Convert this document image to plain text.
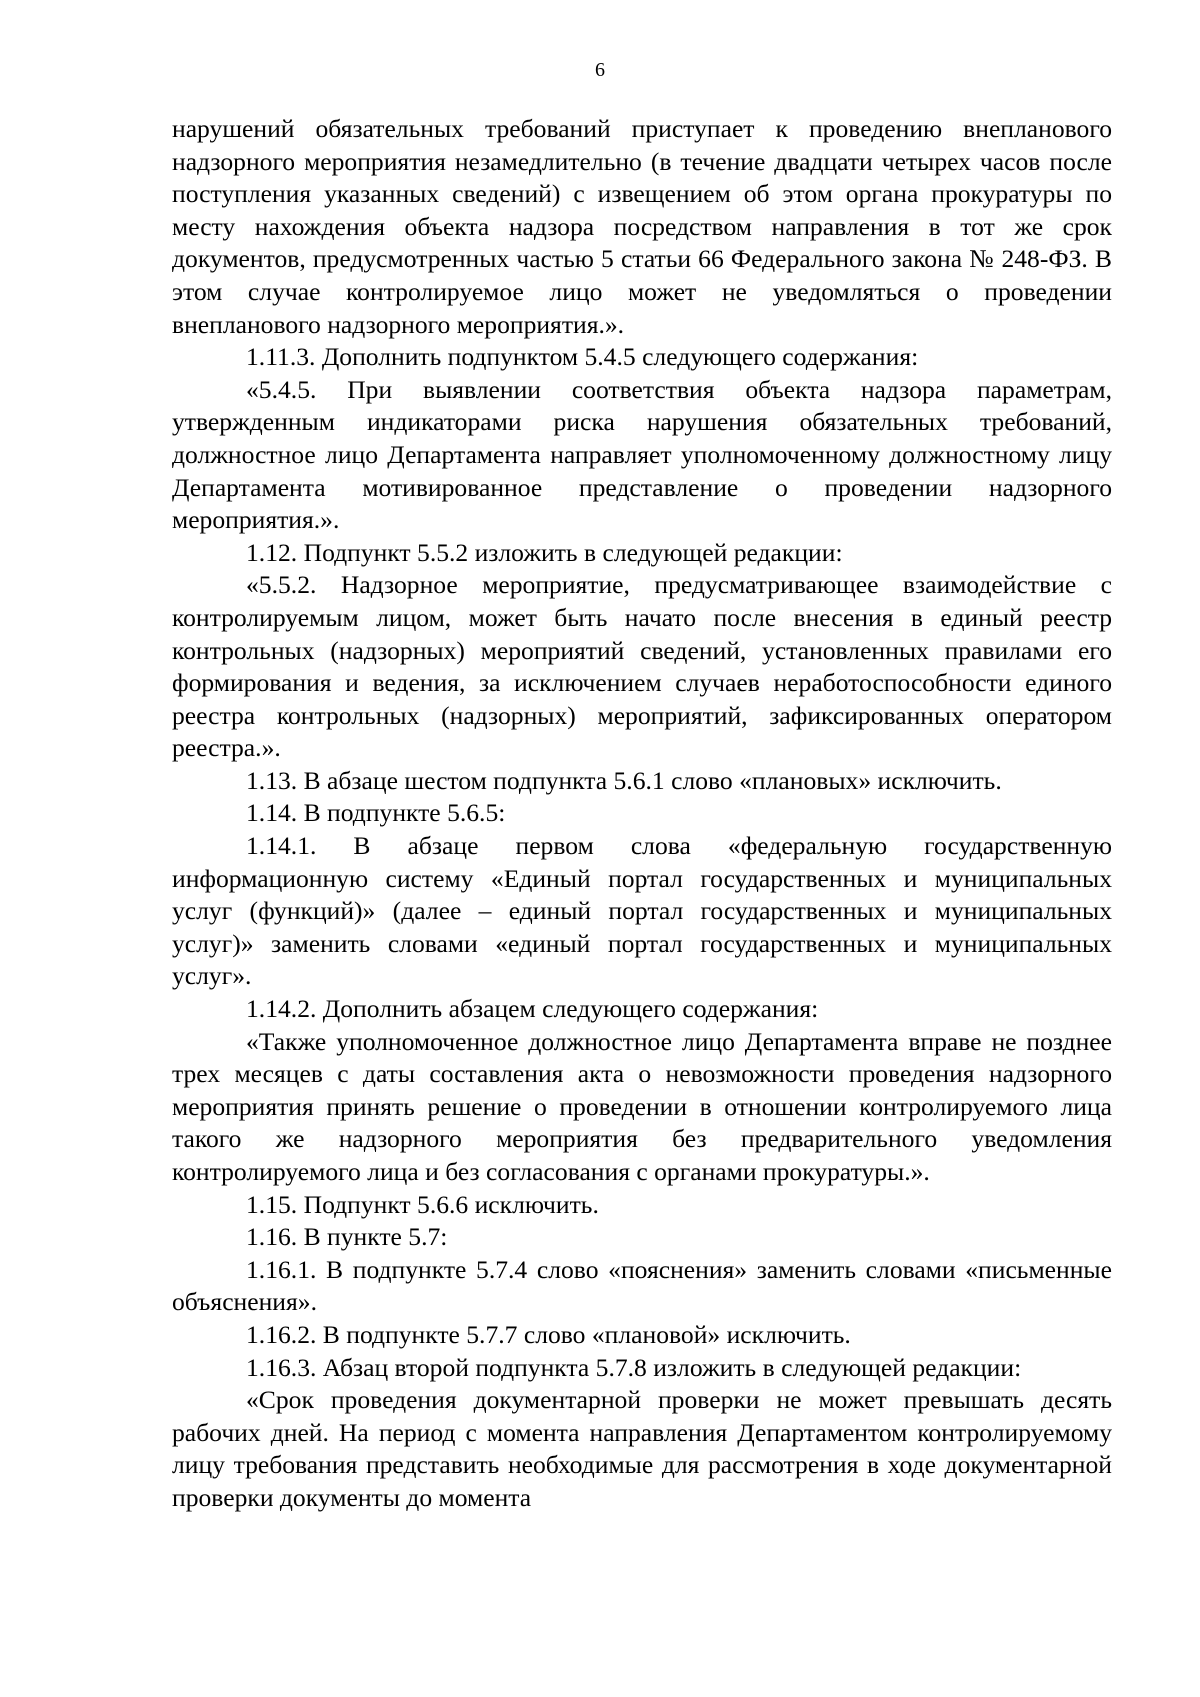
6

нарушений обязательных требований приступает к проведению внепланового надзорного мероприятия незамедлительно (в течение двадцати четырех часов после поступления указанных сведений) с извещением об этом органа прокуратуры по месту нахождения объекта надзора посредством направления в тот же срок документов, предусмотренных частью 5 статьи 66 Федерального закона № 248-ФЗ. В этом случае контролируемое лицо может не уведомляться о проведении внепланового надзорного мероприятия.».

1.11.3. Дополнить подпунктом 5.4.5 следующего содержания:

«5.4.5. При выявлении соответствия объекта надзора параметрам, утвержденным индикаторами риска нарушения обязательных требований, должностное лицо Департамента направляет уполномоченному должностному лицу Департамента мотивированное представление о проведении надзорного мероприятия.».

1.12. Подпункт 5.5.2 изложить в следующей редакции:

«5.5.2. Надзорное мероприятие, предусматривающее взаимодействие с контролируемым лицом, может быть начато после внесения в единый реестр контрольных (надзорных) мероприятий сведений, установленных правилами его формирования и ведения, за исключением случаев неработоспособности единого реестра контрольных (надзорных) мероприятий, зафиксированных оператором реестра.».

1.13. В абзаце шестом подпункта 5.6.1 слово «плановых» исключить.

1.14. В подпункте 5.6.5:

1.14.1. В абзаце первом слова «федеральную государственную информационную систему «Единый портал государственных и муниципальных услуг (функций)» (далее – единый портал государственных и муниципальных услуг)» заменить словами «единый портал государственных и муниципальных услуг».

1.14.2. Дополнить абзацем следующего содержания:

«Также уполномоченное должностное лицо Департамента вправе не позднее трех месяцев с даты составления акта о невозможности проведения надзорного мероприятия принять решение о проведении в отношении контролируемого лица такого же надзорного мероприятия без предварительного уведомления контролируемого лица и без согласования с органами прокуратуры.».

1.15. Подпункт 5.6.6 исключить.

1.16. В пункте 5.7:

1.16.1. В подпункте 5.7.4 слово «пояснения» заменить словами «письменные объяснения».

1.16.2. В подпункте 5.7.7 слово «плановой» исключить.

1.16.3. Абзац второй подпункта 5.7.8 изложить в следующей редакции:

«Срок проведения документарной проверки не может превышать десять рабочих дней. На период с момента направления Департаментом контролируемому лицу требования представить необходимые для рассмотрения в ходе документарной проверки документы до момента
